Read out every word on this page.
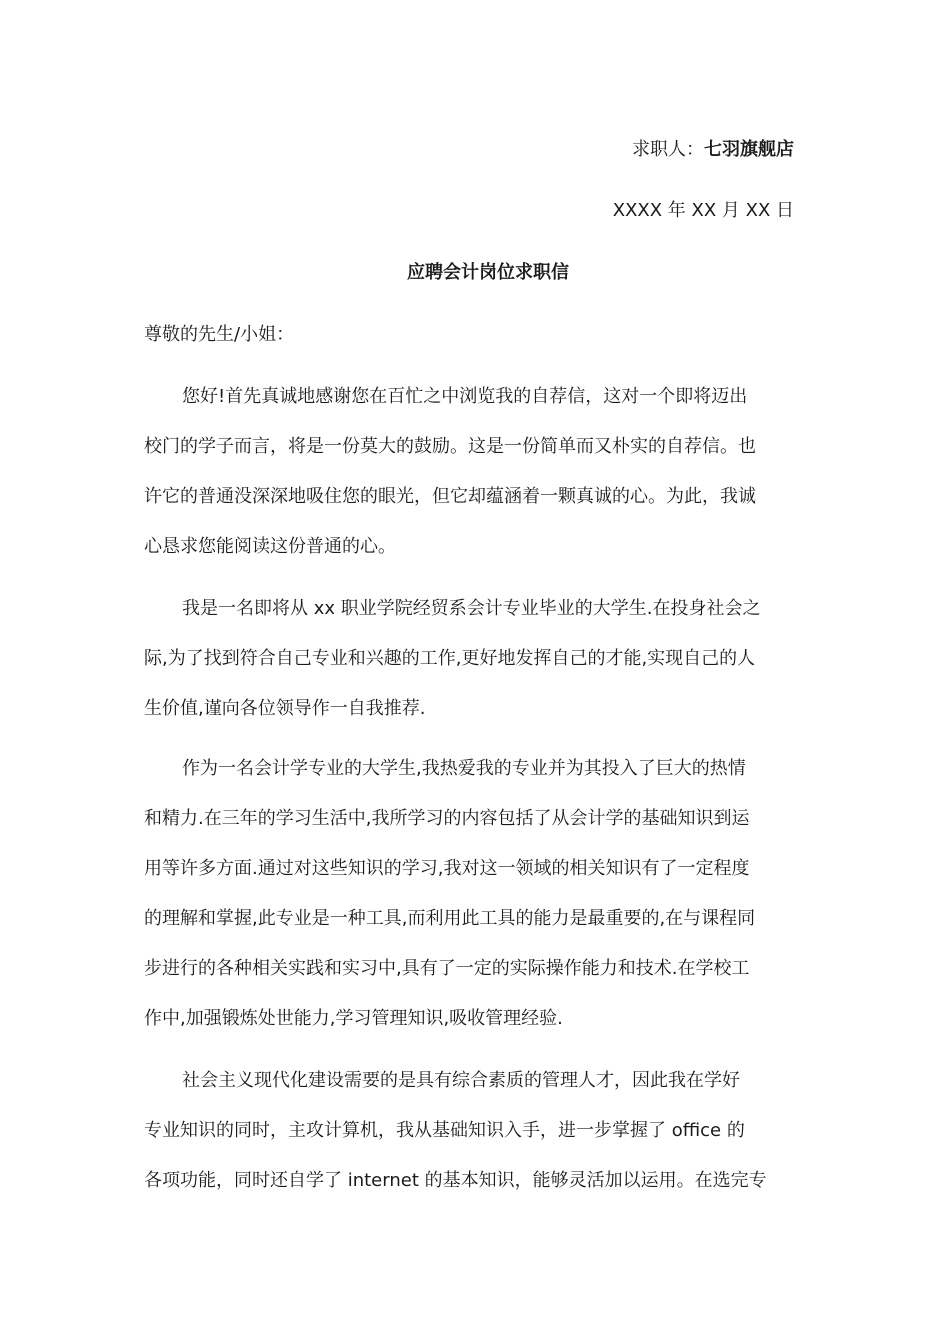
求职人：七羽旗舰店
XXXX 年 XX 月 XX 日
应聘会计岗位求职信
尊敬的先生/小姐：
您好!首先真诚地感谢您在百忙之中浏览我的自荐信，这对一个即将迈出
校门的学子而言，将是一份莫大的鼓励。这是一份简单而又朴实的自荐信。也
许它的普通没深深地吸住您的眼光，但它却蕴涵着一颗真诚的心。为此，我诚
心恳求您能阅读这份普通的心。
我是一名即将从 xx 职业学院经贸系会计专业毕业的大学生.在投身社会之
际,为了找到符合自己专业和兴趣的工作,更好地发挥自己的才能,实现自己的人
生价值,谨向各位领导作一自我推荐.
作为一名会计学专业的大学生,我热爱我的专业并为其投入了巨大的热情
和精力.在三年的学习生活中,我所学习的内容包括了从会计学的基础知识到运
用等许多方面.通过对这些知识的学习,我对这一领域的相关知识有了一定程度
的理解和掌握,此专业是一种工具,而利用此工具的能力是最重要的,在与课程同
步进行的各种相关实践和实习中,具有了一定的实际操作能力和技术.在学校工
作中,加强锻炼处世能力,学习管理知识,吸收管理经验.
社会主义现代化建设需要的是具有综合素质的管理人才，因此我在学好
专业知识的同时，主攻计算机，我从基础知识入手，进一步掌握了 office 的
各项功能，同时还自学了 internet 的基本知识，能够灵活加以运用。在选完专
